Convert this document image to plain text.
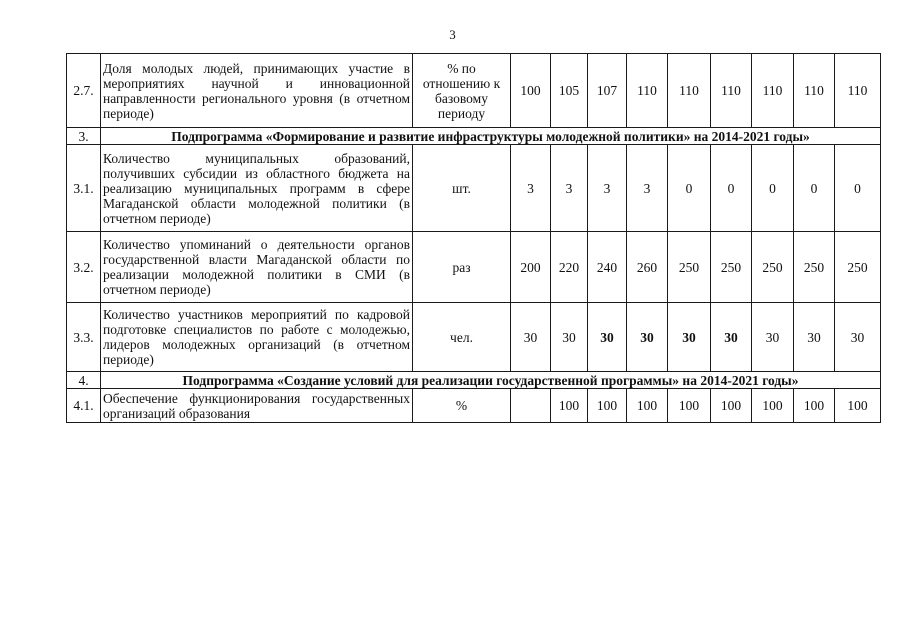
3
2.7.	Доля молодых людей, принимающих участие в мероприятиях научной и инновационной направленности регионального уровня (в отчетном периоде)	% по отношению к базовому периоду	100	105	107	110	110	110	110	110	110
3.	Подпрограмма «Формирование и развитие инфраструктуры молодежной политики» на 2014-2021 годы»										
3.1.	Количество муниципальных образований, получивших субсидии из областного бюджета на реализацию муниципальных программ в сфере Магаданской области молодежной политики (в отчетном периоде)	шт.	3	3	3	3	0	0	0	0	0
3.2.	Количество упоминаний о деятельности органов государственной власти Магаданской области по реализации молодежной политики в СМИ (в отчетном периоде)	раз	200	220	240	260	250	250	250	250	250
3.3.	Количество участников мероприятий по кадровой подготовке специалистов по работе с молодежью, лидеров молодежных организаций (в отчетном периоде)	чел.	30	30	30	30	30	30	30	30	30
4.	Подпрограмма «Создание условий для реализации государственной программы» на 2014-2021 годы»										
4.1.	Обеспечение функционирования государственных организаций образования	%		100	100	100	100	100	100	100	100
